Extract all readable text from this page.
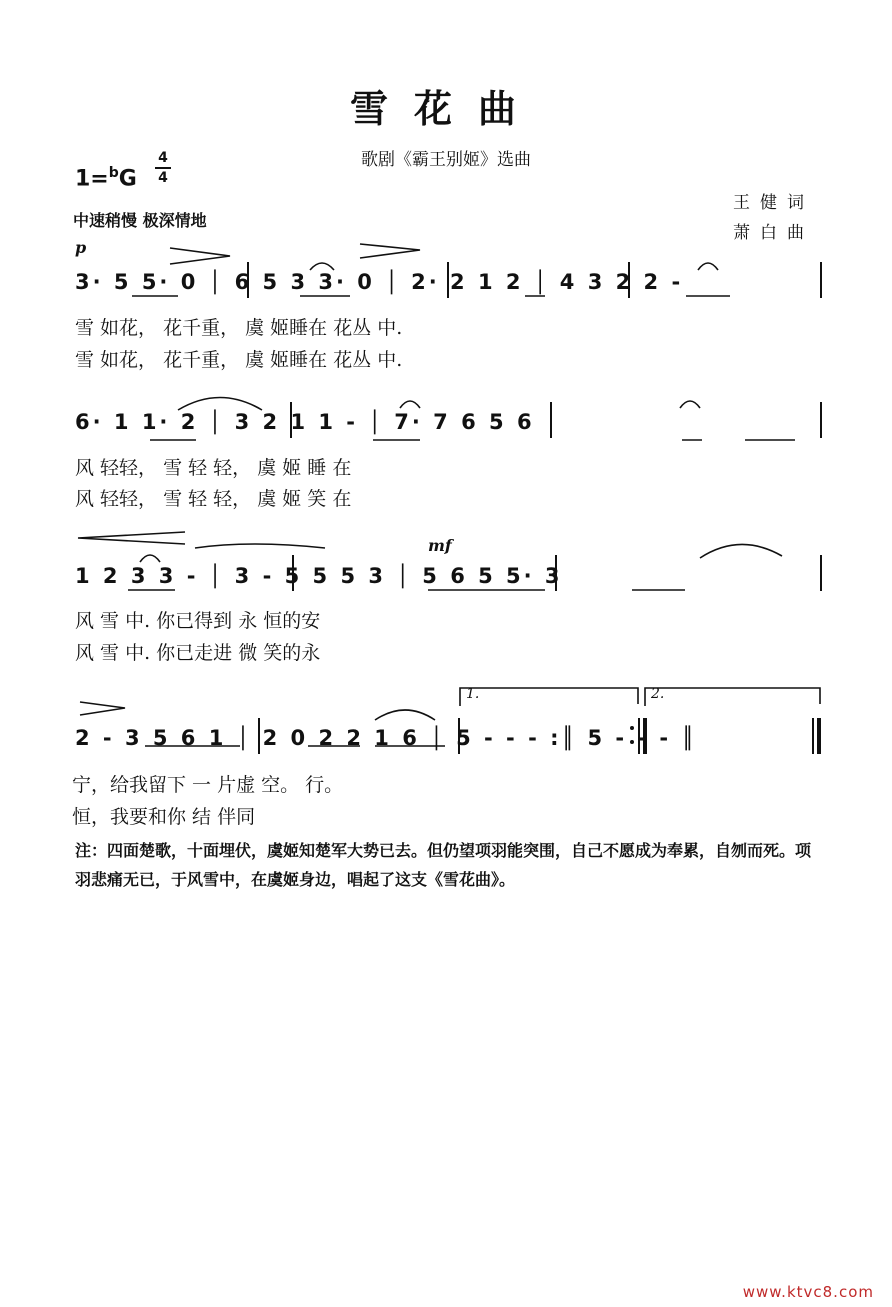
雪花曲
歌剧《霸王别姬》选曲
1=$^b$G
4
4
王健词
萧白曲
中速稍慢 极深情地
p
mf
3· 5 5· 0 │ 6 5 3 3· 0 │ 2· 2 1 2 │ 4 3 2 2 -
雪 如花， 花千重， 虞 姬睡在 花丛 中.
雪 如花， 花千重， 虞 姬睡在 花丛 中.
6· 1 1· 2 │ 3 2 1 1 - │ 7· 7 6 5 6
风 轻轻， 雪 轻 轻， 虞 姬 睡 在
风 轻轻， 雪 轻 轻， 虞 姬 笑 在
1 2 3 3 - │ 3 - 5 5 5 3 │ 5 6 5 5· 3
风 雪 中. 你已得到 永 恒的安
风 雪 中. 你已走进 微 笑的永
1.	2.
2 - 3 5 6 1 │ 2 0 2 2 1 6 │ 5 - - - :║ 5 - - - ║
宁，给我留下 一 片虚 空。 行。
恒，我要和你 结 伴同
注：四面楚歌，十面埋伏，虞姬知楚军大势已去。但仍望项羽能突围，自己不愿成为奉累，自刎而死。项羽悲痛无已，于风雪中，在虞姬身边，唱起了这支《雪花曲》。
www.ktvc8.com
